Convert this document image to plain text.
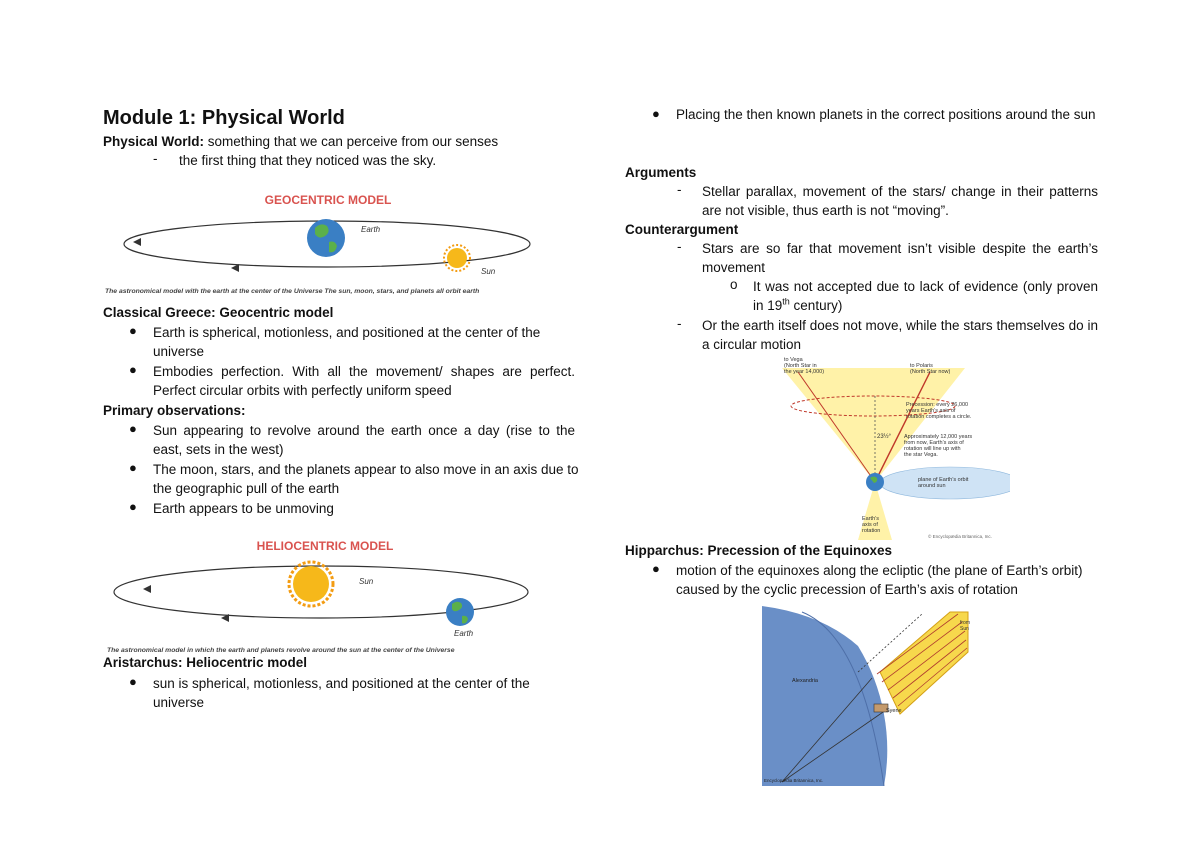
Module 1: Physical World
Physical World: something that we can perceive from our senses
- the first thing that they noticed was the sky.
GEOCENTRIC MODEL
Earth
Sun
The astronomical model with the earth at the center of the Universe The sun, moon, stars, and planets all orbit earth
Classical Greece: Geocentric model
● Earth is spherical, motionless, and positioned at the center of the universe
● Embodies perfection. With all the movement/ shapes are perfect. Perfect circular orbits with perfectly uniform speed
Primary observations:
● Sun appearing to revolve around the earth once a day (rise to the east, sets in the west)
● The moon, stars, and the planets appear to also move in an axis due to the geographic pull of the earth
● Earth appears to be unmoving
HELIOCENTRIC MODEL
Sun
Earth
The astronomical model in which the earth and planets revolve around the sun at the center of the Universe
Aristarchus: Heliocentric model
● sun is spherical, motionless, and positioned at the center of the universe
● Placing the then known planets in the correct positions around the sun
Arguments
- Stellar parallax, movement of the stars/ change in their patterns are not visible, thus earth is not “moving”.
Counterargument
- Stars are so far that movement isn’t visible despite the earth’s movement
o It was not accepted due to lack of evidence (only proven in 19th century)
- Or the earth itself does not move, while the stars themselves do in a circular motion
to Vega (North Star in the year 14,000)
to Polaris (North Star now)
Precession: every 26,000 years Earth’s axis of rotation completes a circle.
23½° Approximately 12,000 years from now, Earth’s axis of rotation will line up with the star Vega.
plane of Earth’s orbit around sun
Earth’s axis of rotation
© Encyclopædia Britannica, Inc.
Hipparchus: Precession of the Equinoxes
● motion of the equinoxes along the ecliptic (the plane of Earth’s orbit) caused by the cyclic precession of Earth’s axis of rotation
from Sun
Alexandria
Syene
Encyclopædia Britannica, Inc.
